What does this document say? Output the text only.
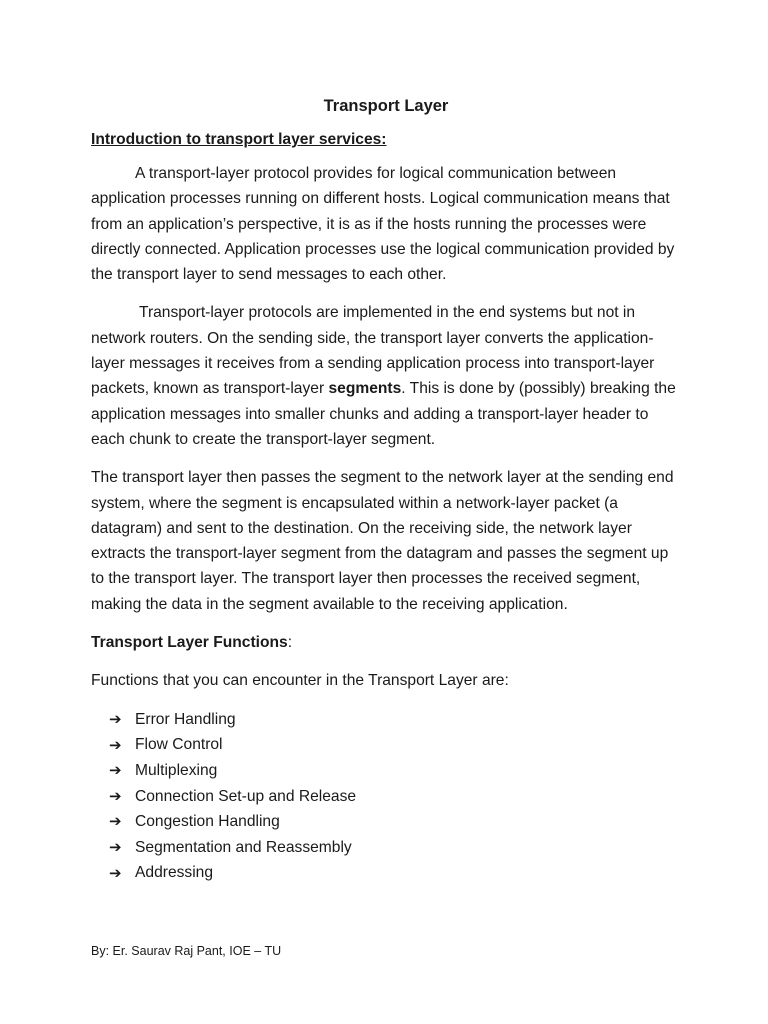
Transport Layer
Introduction to transport layer services:

A transport-layer protocol provides for logical communication between application processes running on different hosts. Logical communication means that from an application’s perspective, it is as if the hosts running the processes were directly connected. Application processes use the logical communication provided by the transport layer to send messages to each other.

Transport-layer protocols are implemented in the end systems but not in network routers. On the sending side, the transport layer converts the application-layer messages it receives from a sending application process into transport-layer packets, known as transport-layer segments. This is done by (possibly) breaking the application messages into smaller chunks and adding a transport-layer header to each chunk to create the transport-layer segment.

The transport layer then passes the segment to the network layer at the sending end system, where the segment is encapsulated within a network-layer packet (a datagram) and sent to the destination. On the receiving side, the network layer extracts the transport-layer segment from the datagram and passes the segment up to the transport layer. The transport layer then processes the received segment, making the data in the segment available to the receiving application.

Transport Layer Functions:

Functions that you can encounter in the Transport Layer are:

➔ Error Handling
➔ Flow Control
➔ Multiplexing
➔ Connection Set-up and Release
➔ Congestion Handling
➔ Segmentation and Reassembly
➔ Addressing
By: Er. Saurav Raj Pant, IOE – TU
